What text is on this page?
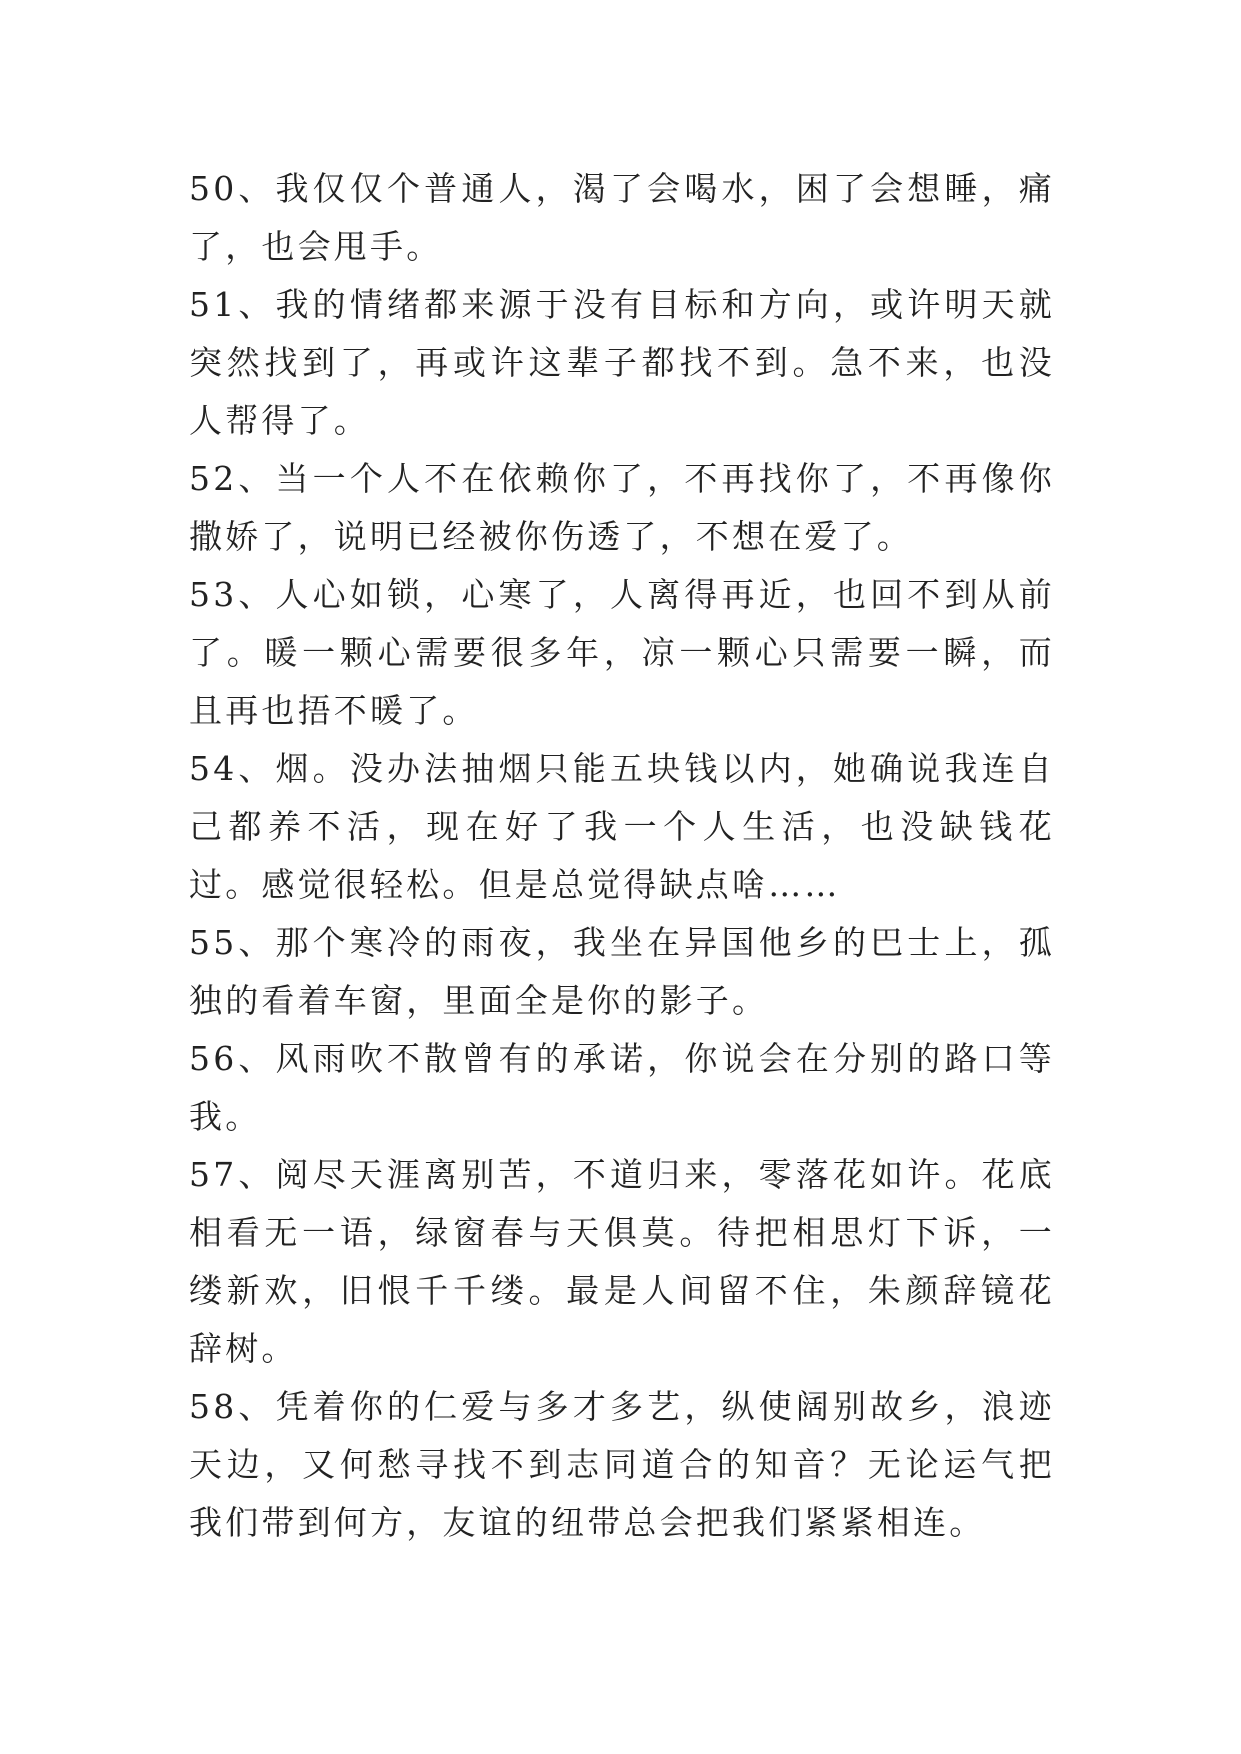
50、我仅仅个普通人，渴了会喝水，困了会想睡，痛了，也会甩手。

51、我的情绪都来源于没有目标和方向，或许明天就突然找到了，再或许这辈子都找不到。急不来，也没人帮得了。

52、当一个人不在依赖你了，不再找你了，不再像你撒娇了，说明已经被你伤透了，不想在爱了。

53、人心如锁，心寒了，人离得再近，也回不到从前了。暖一颗心需要很多年，凉一颗心只需要一瞬，而且再也捂不暖了。

54、烟。没办法抽烟只能五块钱以内，她确说我连自己都养不活，现在好了我一个人生活，也没缺钱花过。感觉很轻松。但是总觉得缺点啥……

55、那个寒冷的雨夜，我坐在异国他乡的巴士上，孤独的看着车窗，里面全是你的影子。

56、风雨吹不散曾有的承诺，你说会在分别的路口等我。

57、阅尽天涯离别苦，不道归来，零落花如许。花底相看无一语，绿窗春与天俱莫。待把相思灯下诉，一缕新欢，旧恨千千缕。最是人间留不住，朱颜辞镜花辞树。

58、凭着你的仁爱与多才多艺，纵使阔别故乡，浪迹天边，又何愁寻找不到志同道合的知音？无论运气把我们带到何方，友谊的纽带总会把我们紧紧相连。
